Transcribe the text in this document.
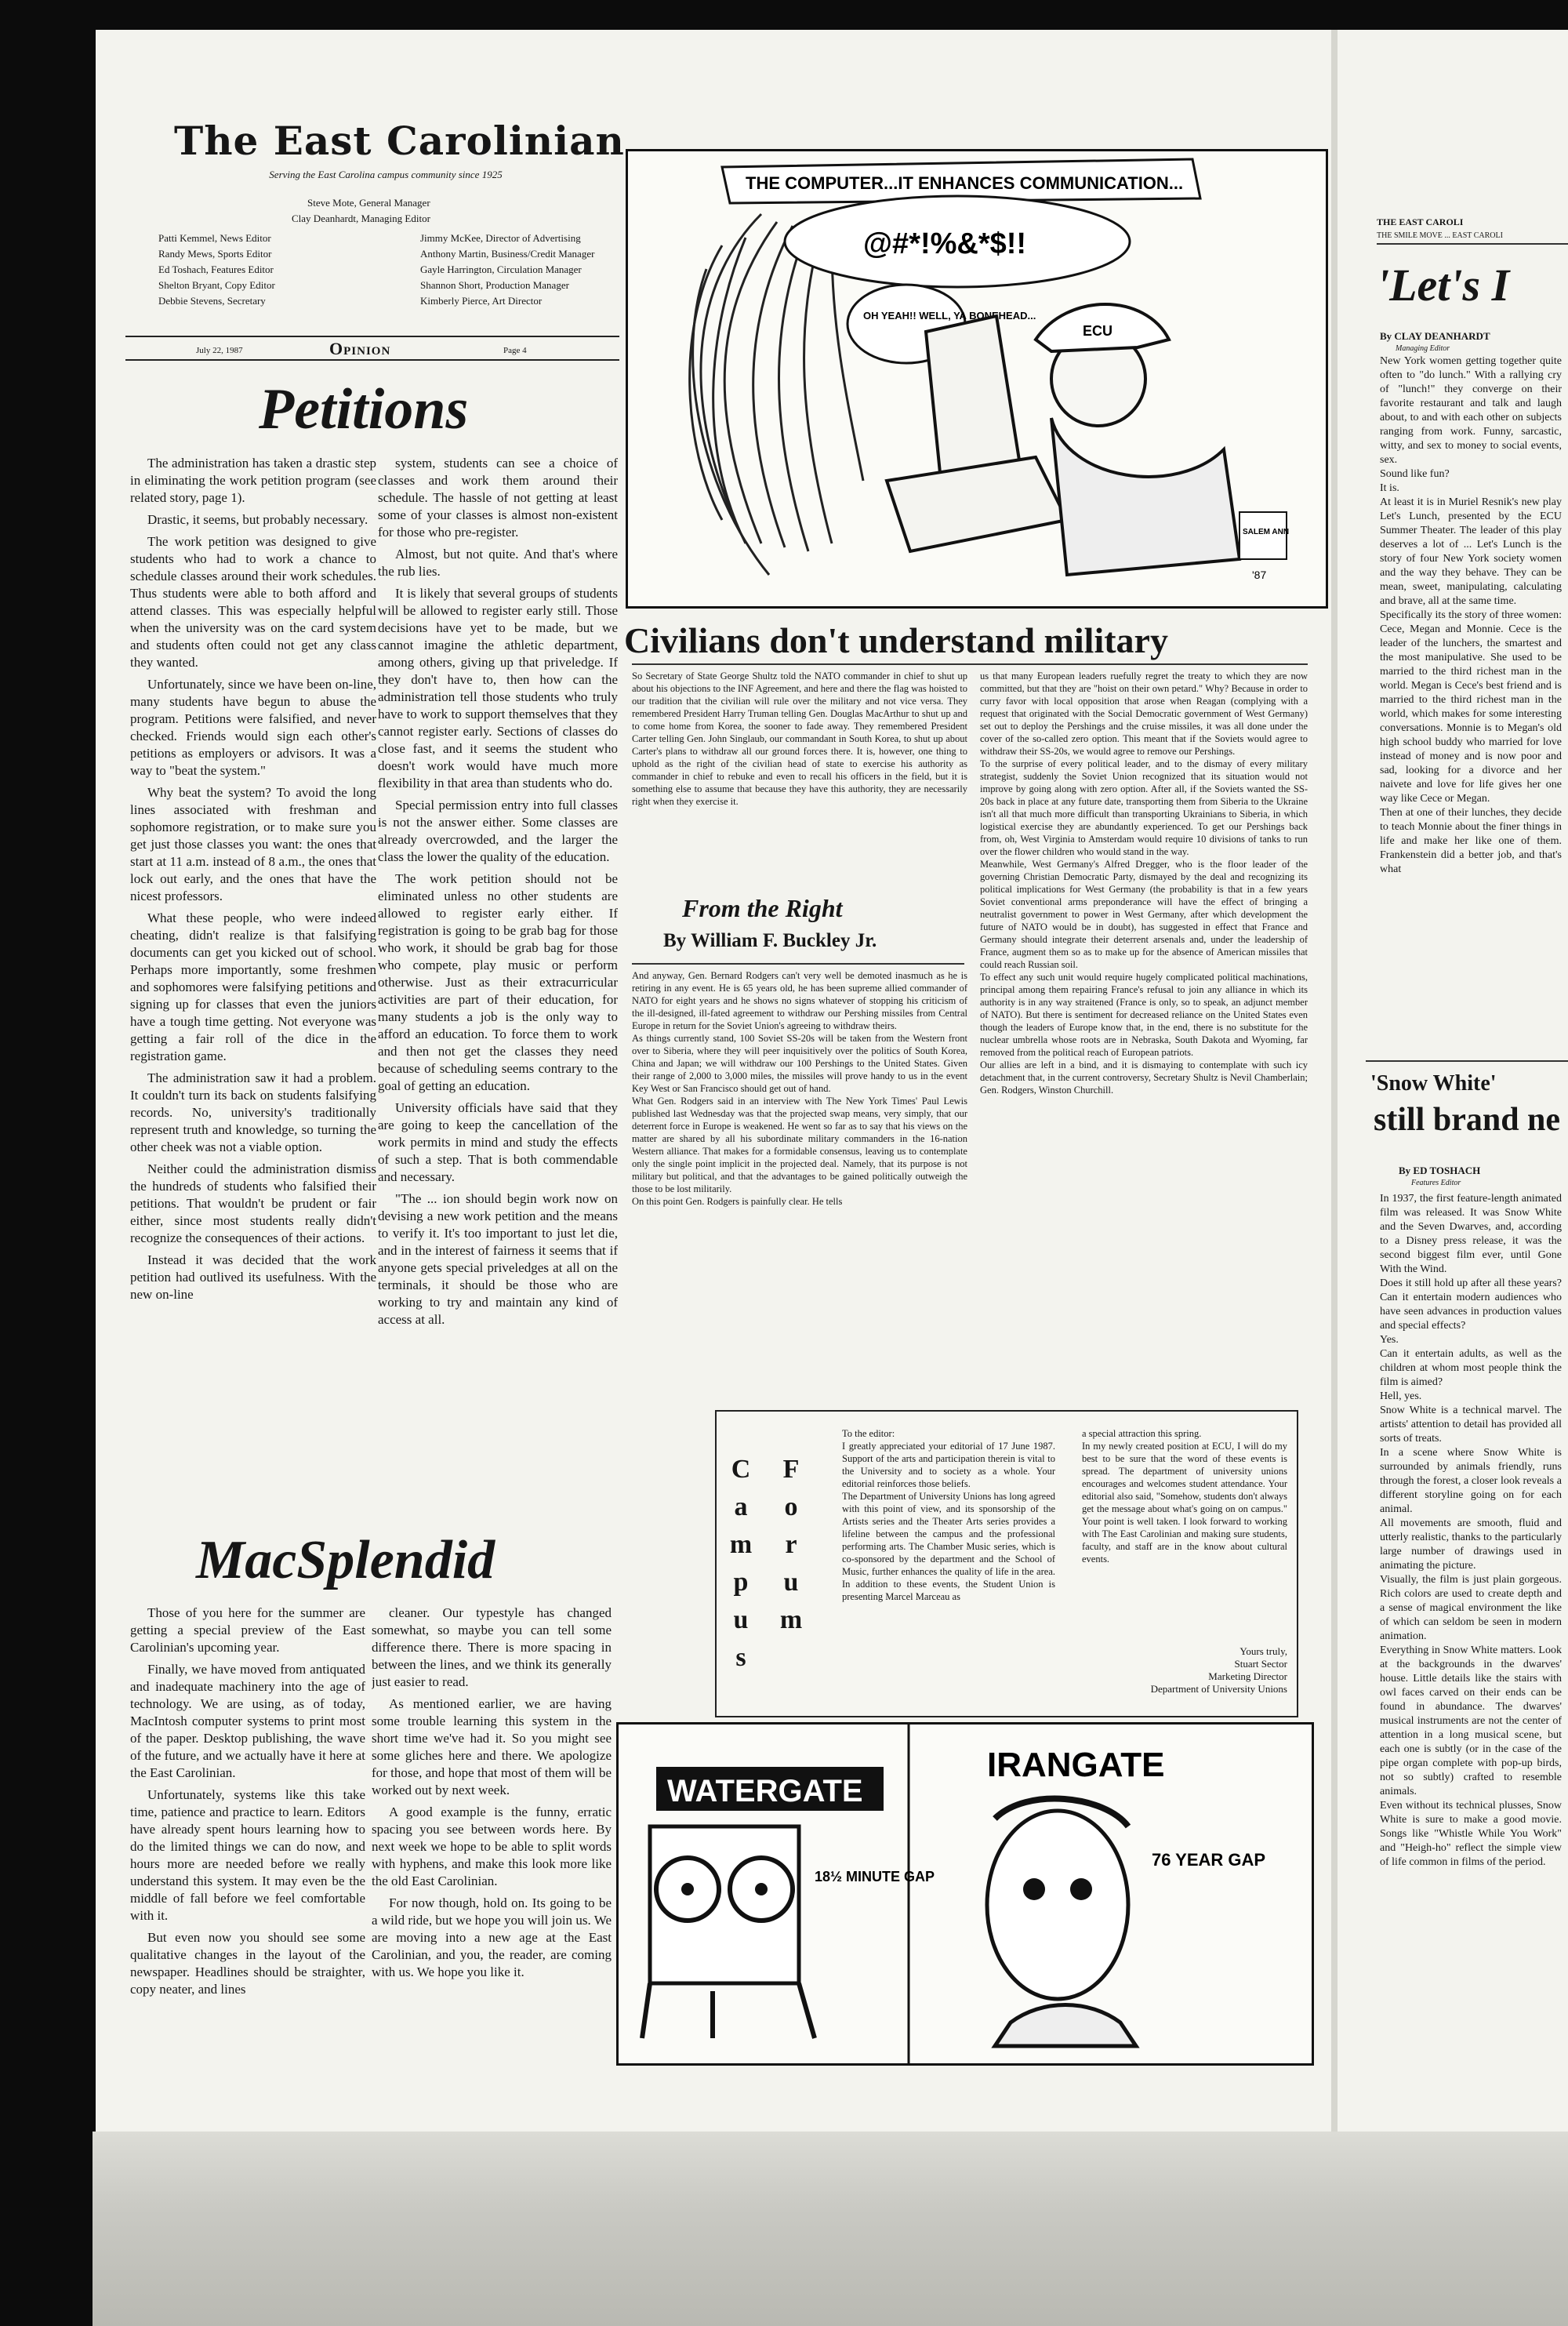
The East Carolinian
Serving the East Carolina campus community since 1925
Steve Mote, General Manager
Clay Deanhardt, Managing Editor
Patti Kemmel, News Editor
Randy Mews, Sports Editor
Ed Toshach, Features Editor
Shelton Bryant, Copy Editor
Debbie Stevens, Secretary
Jimmy McKee, Director of Advertising
Anthony Martin, Business/Credit Manager
Gayle Harrington, Circulation Manager
Shannon Short, Production Manager
Kimberly Pierce, Art Director
July 22, 1987	Opinion	Page 4
Petitions

The administration has taken a drastic step in eliminating the work petition program (see related story, page 1).

Drastic, it seems, but probably necessary.

The work petition was designed to give students who had to work a chance to schedule classes around their work schedules. Thus students were able to both afford and attend classes. This was especially helpful when the university was on the card system and students often could not get any class they wanted.

Unfortunately, since we have been on-line, many students have begun to abuse the program. Petitions were falsified, and never checked. Friends would sign each other's petitions as employers or advisors. It was a way to "beat the system."

Why beat the system? To avoid the long lines associated with freshman and sophomore registration, or to make sure you get just those classes you want: the ones that start at 11 a.m. instead of 8 a.m., the ones that lock out early, and the ones that have the nicest professors.

What these people, who were indeed cheating, didn't realize is that falsifying documents can get you kicked out of school. Perhaps more importantly, some freshmen and sophomores were falsifying petitions and signing up for classes that even the juniors have a tough time getting. Not everyone was getting a fair roll of the dice in the registration game.

The administration saw it had a problem. It couldn't turn its back on students falsifying records. No, university's traditionally represent truth and knowledge, so turning the other cheek was not a viable option.

Neither could the administration dismiss the hundreds of students who falsified their petitions. That wouldn't be prudent or fair either, since most students really didn't recognize the consequences of their actions.

Instead it was decided that the work petition had outlived its usefulness. With the new on-line

system, students can see a choice of classes and work them around their schedule. The hassle of not getting at least some of your classes is almost non-existent for those who pre-register.

Almost, but not quite. And that's where the rub lies.

It is likely that several groups of students will be allowed to register early still. Those decisions have yet to be made, but we cannot imagine the athletic department, among others, giving up that priveledge. If they don't have to, then how can the administration tell those students who truly have to work to support themselves that they cannot register early. Sections of classes do close fast, and it seems the student who doesn't work would have much more flexibility in that area than students who do.

Special permission entry into full classes is not the answer either. Some classes are already overcrowded, and the larger the class the lower the quality of the education.

The work petition should not be eliminated unless no other students are allowed to register early either. If registration is going to be grab bag for those who work, it should be grab bag for those who compete, play music or perform otherwise. Just as their extracurricular activities are part of their education, for many students a job is the only way to afford an education. To force them to work and then not get the classes they need because of scheduling seems contrary to the goal of getting an education.

University officials have said that they are going to keep the cancellation of the work permits in mind and study the effects of such a step. That is both commendable and necessary.

"The ... ion should begin work now on devising a new work petition and the means to verify it. It's too important to just let die, and in the interest of fairness it seems that if anyone gets special priveledges at all on the terminals, it should be those who are working to try and maintain any kind of access at all.

MacSplendid

Those of you here for the summer are getting a special preview of the East Carolinian's upcoming year.

Finally, we have moved from antiquated and inadequate machinery into the age of technology. We are using, as of today, MacIntosh computer systems to print most of the paper. Desktop publishing, the wave of the future, and we actually have it here at the East Carolinian.

Unfortunately, systems like this take time, patience and practice to learn. Editors have already spent hours learning how to do the limited things we can do now, and hours more are needed before we really understand this system. It may even be the middle of fall before we feel comfortable with it.

But even now you should see some qualitative changes in the layout of the newspaper. Headlines should be straighter, copy neater, and lines

cleaner. Our typestyle has changed somewhat, so maybe you can tell some difference there. There is more spacing in between the lines, and we think its generally just easier to read.

As mentioned earlier, we are having some trouble learning this system in the short time we've had it. So you might see some gliches here and there. We apologize for those, and hope that most of them will be worked out by next week.

A good example is the funny, erratic spacing you see between words here. By next week we hope to be able to split words with hyphens, and make this look more like the old East Carolinian.

For now though, hold on. Its going to be a wild ride, but we hope you will join us. We are moving into a new age at the East Carolinian, and you, the reader, are coming with us. We hope you like it.

THE COMPUTER...IT ENHANCES COMMUNICATION...
@#*!%&*$!!
OH YEAH!! WELL, YA BONEHEAD...
ECU
SALEM ANN
'87
Civilians don't understand military
So Secretary of State George Shultz told the NATO commander in chief to shut up about his objections to the INF Agreement, and here and there the flag was hoisted to our tradition that the civilian will rule over the military and not vice versa. They remembered President Harry Truman telling Gen. Douglas MacArthur to shut up and to come home from Korea, the sooner to fade away. They remembered President Carter telling Gen. John Singlaub, our commandant in South Korea, to shut up about Carter's plans to withdraw all our ground forces there. It is, however, one thing to uphold as the right of the civilian head of state to exercise his authority as commander in chief to rebuke and even to recall his officers in the field, but it is something else to assume that because they have this authority, they are necessarily right when they exercise it.
From the Right
By William F. Buckley Jr.
And anyway, Gen. Bernard Rodgers can't very well be demoted inasmuch as he is retiring in any event. He is 65 years old, he has been supreme allied commander of NATO for eight years and he shows no signs whatever of stopping his criticism of the ill-designed, ill-fated agreement to withdraw our Pershing missiles from Central Europe in return for the Soviet Union's agreeing to withdraw theirs.
As things currently stand, 100 Soviet SS-20s will be taken from the Western front over to Siberia, where they will peer inquisitively over the politics of South Korea, China and Japan; we will withdraw our 100 Pershings to the United States. Given their range of 2,000 to 3,000 miles, the missiles will prove handy to us in the event Key West or San Francisco should get out of hand.
What Gen. Rodgers said in an interview with The New York Times' Paul Lewis published last Wednesday was that the projected swap means, very simply, that our deterrent force in Europe is weakened. He went so far as to say that his views on the matter are shared by all his subordinate military commanders in the 16-nation Western alliance. That makes for a formidable consensus, leaving us to contemplate only the single point implicit in the projected deal. Namely, that its purpose is not military but political, and that the advantages to be gained politically outweigh the those to be lost militarily.
On this point Gen. Rodgers is painfully clear. He tells
us that many European leaders ruefully regret the treaty to which they are now committed, but that they are "hoist on their own petard." Why? Because in order to curry favor with local opposition that arose when Reagan (complying with a request that originated with the Social Democratic government of West Germany) set out to deploy the Pershings and the cruise missiles, it was all done under the cover of the so-called zero option. This meant that if the Soviets would agree to withdraw their SS-20s, we would agree to remove our Pershings.
To the surprise of every political leader, and to the dismay of every military strategist, suddenly the Soviet Union recognized that its situation would not improve by going along with zero option. After all, if the Soviets wanted the SS-20s back in place at any future date, transporting them from Siberia to the Ukraine isn't all that much more difficult than transporting Ukrainians to Siberia, in which logistical exercise they are abundantly experienced. To get our Pershings back from, oh, West Virginia to Amsterdam would require 10 divisions of tanks to run over the flower children who would stand in the way.
Meanwhile, West Germany's Alfred Dregger, who is the floor leader of the governing Christian Democratic Party, dismayed by the deal and recognizing its political implications for West Germany (the probability is that in a few years Soviet conventional arms preponderance will have the effect of bringing a neutralist government to power in West Germany, after which development the future of NATO would be in doubt), has suggested in effect that France and Germany should integrate their deterrent arsenals and, under the leadership of France, augment them so as to make up for the absence of American missiles that could reach Russian soil.
To effect any such unit would require hugely complicated political machinations, principal among them repairing France's refusal to join any alliance in which its authority is in any way straitened (France is only, so to speak, an adjunct member of NATO). But there is sentiment for decreased reliance on the United States even though the leaders of Europe know that, in the end, there is no substitute for the nuclear umbrella whose roots are in Nebraska, South Dakota and Wyoming, far removed from the political reach of European patriots.
Our allies are left in a bind, and it is dismaying to contemplate with such icy detachment that, in the current controversy, Secretary Shultz is Nevil Chamberlain; Gen. Rodgers, Winston Churchill.
C
a
m
p
u
s
F
o
r
u
m
To the editor:
I greatly appreciated your editorial of 17 June 1987. Support of the arts and participation therein is vital to the University and to society as a whole. Your editorial reinforces those beliefs.
The Department of University Unions has long agreed with this point of view, and its sponsorship of the Artists series and the Theater Arts series provides a lifeline between the campus and the professional performing arts. The Chamber Music series, which is co-sponsored by the department and the School of Music, further enhances the quality of life in the area. In addition to these events, the Student Union is presenting Marcel Marceau as
a special attraction this spring.
In my newly created position at ECU, I will do my best to be sure that the word of these events is spread. The department of university unions encourages and welcomes student attendance. Your editorial also said, "Somehow, students don't always get the message about what's going on on campus." Your point is well taken. I look forward to working with The East Carolinian and making sure students, faculty, and staff are in the know about cultural events.
Yours truly,
Stuart Sector
Marketing Director
Department of University Unions
WATERGATE
18½ MINUTE GAP
IRANGATE
76 YEAR GAP
THE EAST CAROLI
THE SMILE MOVE ... EAST CAROLI
'Let's I
By CLAY DEANHARDT
Managing Editor
New York women getting together quite often to "do lunch." With a rallying cry of "lunch!" they converge on their favorite restaurant and talk and laugh about, to and with each other on subjects ranging from work. Funny, sarcastic, witty, and sex to money to social events, sex.
Sound like fun?
It is.
At least it is in Muriel Resnik's new play Let's Lunch, presented by the ECU Summer Theater. The leader of this play deserves a lot of ... Let's Lunch is the story of four New York society women and the way they behave. They can be mean, sweet, manipulating, calculating and brave, all at the same time.
Specifically its the story of three women: Cece, Megan and Monnie. Cece is the leader of the lunchers, the smartest and the most manipulative. She used to be married to the third richest man in the world. Megan is Cece's best friend and is married to the third richest man in the world, which makes for some interesting conversations. Monnie is to Megan's old high school buddy who married for love instead of money and is now poor and sad, looking for a divorce and her naivete and love for life gives her one way like Cece or Megan.
Then at one of their lunches, they decide to teach Monnie about the finer things in life and make her like one of them. Frankenstein did a better job, and that's what
'Snow White'
still brand ne
By ED TOSHACH
Features Editor
In 1937, the first feature-length animated film was released. It was Snow White and the Seven Dwarves, and, according to a Disney press release, it was the second biggest film ever, until Gone With the Wind.
Does it still hold up after all these years? Can it entertain modern audiences who have seen advances in production values and special effects?
Yes.
Can it entertain adults, as well as the children at whom most people think the film is aimed?
Hell, yes.
Snow White is a technical marvel. The artists' attention to detail has provided all sorts of treats.
In a scene where Snow White is surrounded by animals friendly, runs through the forest, a closer look reveals a different storyline going on for each animal.
All movements are smooth, fluid and utterly realistic, thanks to the particularly large number of drawings used in animating the picture.
Visually, the film is just plain gorgeous. Rich colors are used to create depth and a sense of magical environment the like of which can seldom be seen in modern animation.
Everything in Snow White matters. Look at the backgrounds in the dwarves' house. Little details like the stairs with owl faces carved on their ends can be found in abundance. The dwarves' musical instruments are not the center of attention in a long musical scene, but each one is subtly (or in the case of the pipe organ complete with pop-up birds, not so subtly) crafted to resemble animals.
Even without its technical plusses, Snow White is sure to make a good movie. Songs like "Whistle While You Work" and "Heigh-ho" reflect the simple view of life common in films of the period.
